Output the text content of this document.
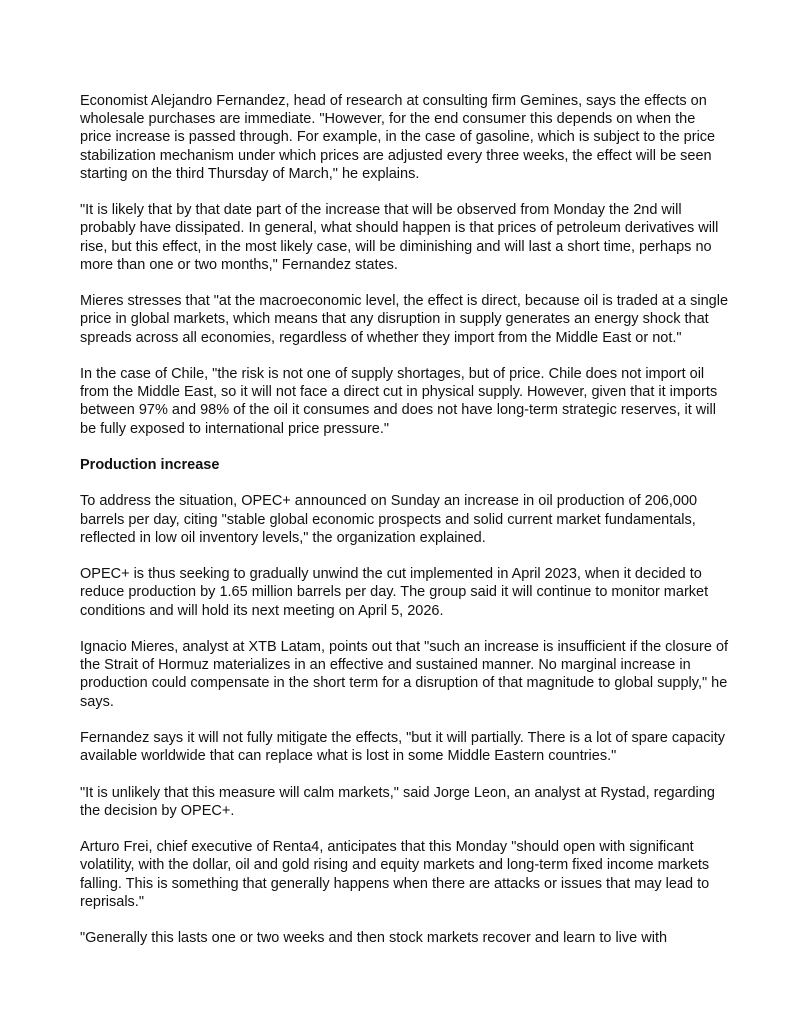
Economist Alejandro Fernandez, head of research at consulting firm Gemines, says the effects on wholesale purchases are immediate. "However, for the end consumer this depends on when the price increase is passed through. For example, in the case of gasoline, which is subject to the price stabilization mechanism under which prices are adjusted every three weeks, the effect will be seen starting on the third Thursday of March," he explains.

"It is likely that by that date part of the increase that will be observed from Monday the 2nd will probably have dissipated. In general, what should happen is that prices of petroleum derivatives will rise, but this effect, in the most likely case, will be diminishing and will last a short time, perhaps no more than one or two months," Fernandez states.

Mieres stresses that "at the macroeconomic level, the effect is direct, because oil is traded at a single price in global markets, which means that any disruption in supply generates an energy shock that spreads across all economies, regardless of whether they import from the Middle East or not."

In the case of Chile, "the risk is not one of supply shortages, but of price. Chile does not import oil from the Middle East, so it will not face a direct cut in physical supply. However, given that it imports between 97% and 98% of the oil it consumes and does not have long-term strategic reserves, it will be fully exposed to international price pressure."

Production increase

To address the situation, OPEC+ announced on Sunday an increase in oil production of 206,000 barrels per day, citing "stable global economic prospects and solid current market fundamentals, reflected in low oil inventory levels," the organization explained.

OPEC+ is thus seeking to gradually unwind the cut implemented in April 2023, when it decided to reduce production by 1.65 million barrels per day. The group said it will continue to monitor market conditions and will hold its next meeting on April 5, 2026.

Ignacio Mieres, analyst at XTB Latam, points out that "such an increase is insufficient if the closure of the Strait of Hormuz materializes in an effective and sustained manner. No marginal increase in production could compensate in the short term for a disruption of that magnitude to global supply," he says.

Fernandez says it will not fully mitigate the effects, "but it will partially. There is a lot of spare capacity available worldwide that can replace what is lost in some Middle Eastern countries."

"It is unlikely that this measure will calm markets," said Jorge Leon, an analyst at Rystad, regarding the decision by OPEC+.

Arturo Frei, chief executive of Renta4, anticipates that this Monday "should open with significant volatility, with the dollar, oil and gold rising and equity markets and long-term fixed income markets falling. This is something that generally happens when there are attacks or issues that may lead to reprisals."

"Generally this lasts one or two weeks and then stock markets recover and learn to live with
